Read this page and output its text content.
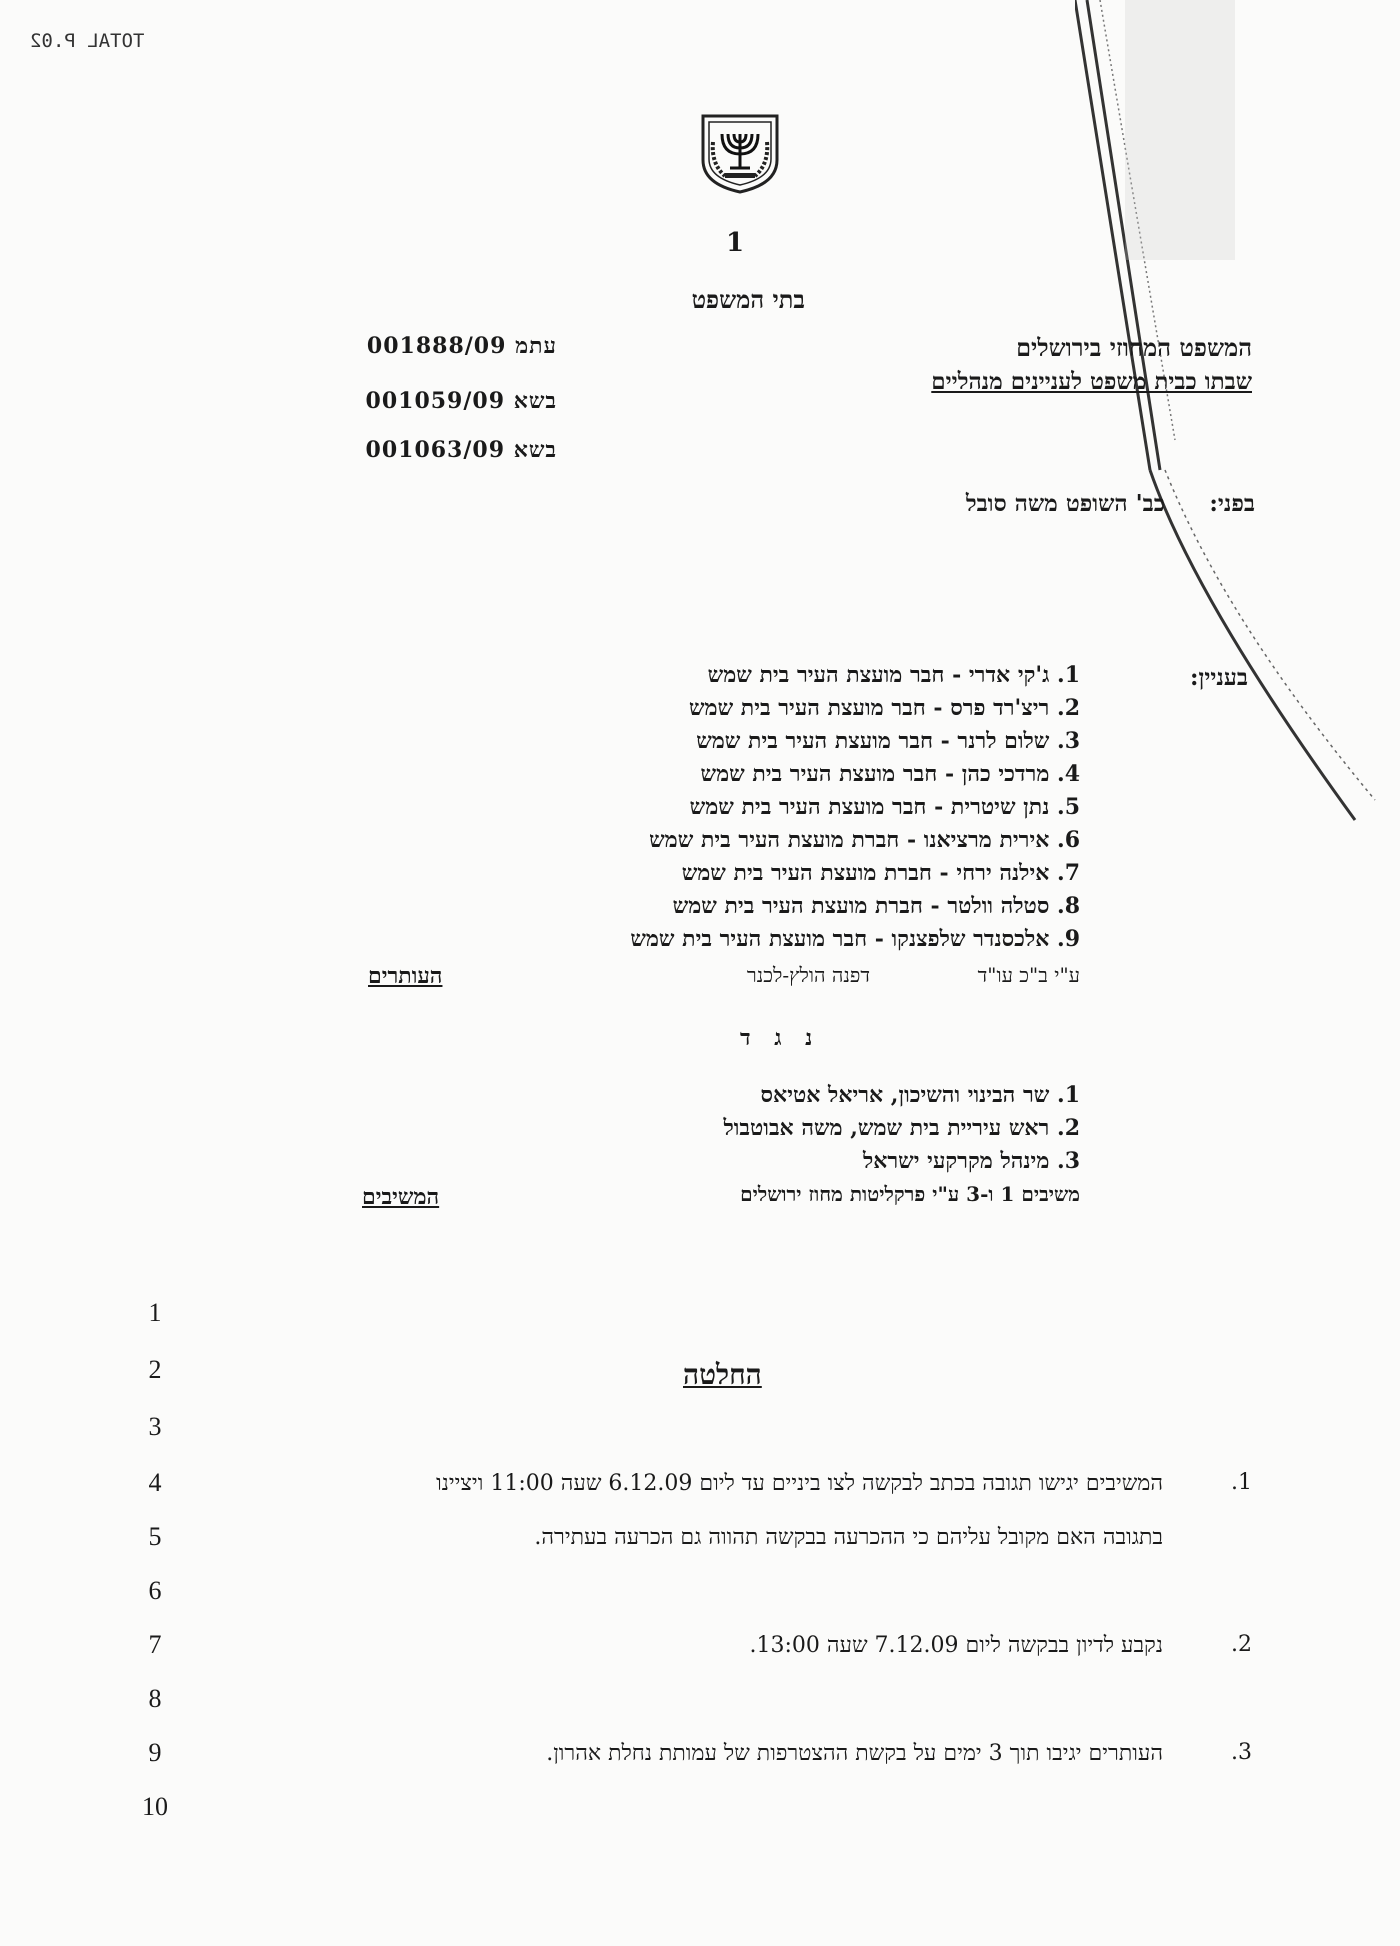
TOTAL P.02
1
בתי המשפט
המשפט המחוזי בירושלים
שבתו כבית משפט לעניינים מנהליים
עתמ 001888/09
בשא 001059/09
בשא 001063/09
בפני:
כב' השופט משה סובל
בעניין:
1. ג'קי אדרי - חבר מועצת העיר בית שמש
2. ריצ'רד פרס - חבר מועצת העיר בית שמש
3. שלום לרנר - חבר מועצת העיר בית שמש
4. מרדכי כהן - חבר מועצת העיר בית שמש
5. נתן שיטרית - חבר מועצת העיר בית שמש
6. אירית מרציאנו - חברת מועצת העיר בית שמש
7. אילנה ירחי - חברת מועצת העיר בית שמש
8. סטלה וולטר - חברת מועצת העיר בית שמש
9. אלכסנדר שלפצנקו - חבר מועצת העיר בית שמש
ע"י ב"כ עו"ד
דפנה הולץ-לכנר
העותרים
נ ג ד
1. שר הבינוי והשיכון, אריאל אטיאס
2. ראש עיריית בית שמש, משה אבוטבול
3. מינהל מקרקעי ישראל
משיבים 1 ו-3 ע"י פרקליטות מחוז ירושלים
המשיבים
1
2
3
4
5
6
7
8
9
10
החלטה
.1
המשיבים יגישו תגובה בכתב לבקשה לצו ביניים עד ליום 6.12.09 שעה 11:00 ויציינו
בתגובה האם מקובל עליהם כי ההכרעה בבקשה תהווה גם הכרעה בעתירה.
.2
נקבע לדיון בבקשה ליום 7.12.09 שעה 13:00.
.3
העותרים יגיבו תוך 3 ימים על בקשת ההצטרפות של עמותת נחלת אהרון.
